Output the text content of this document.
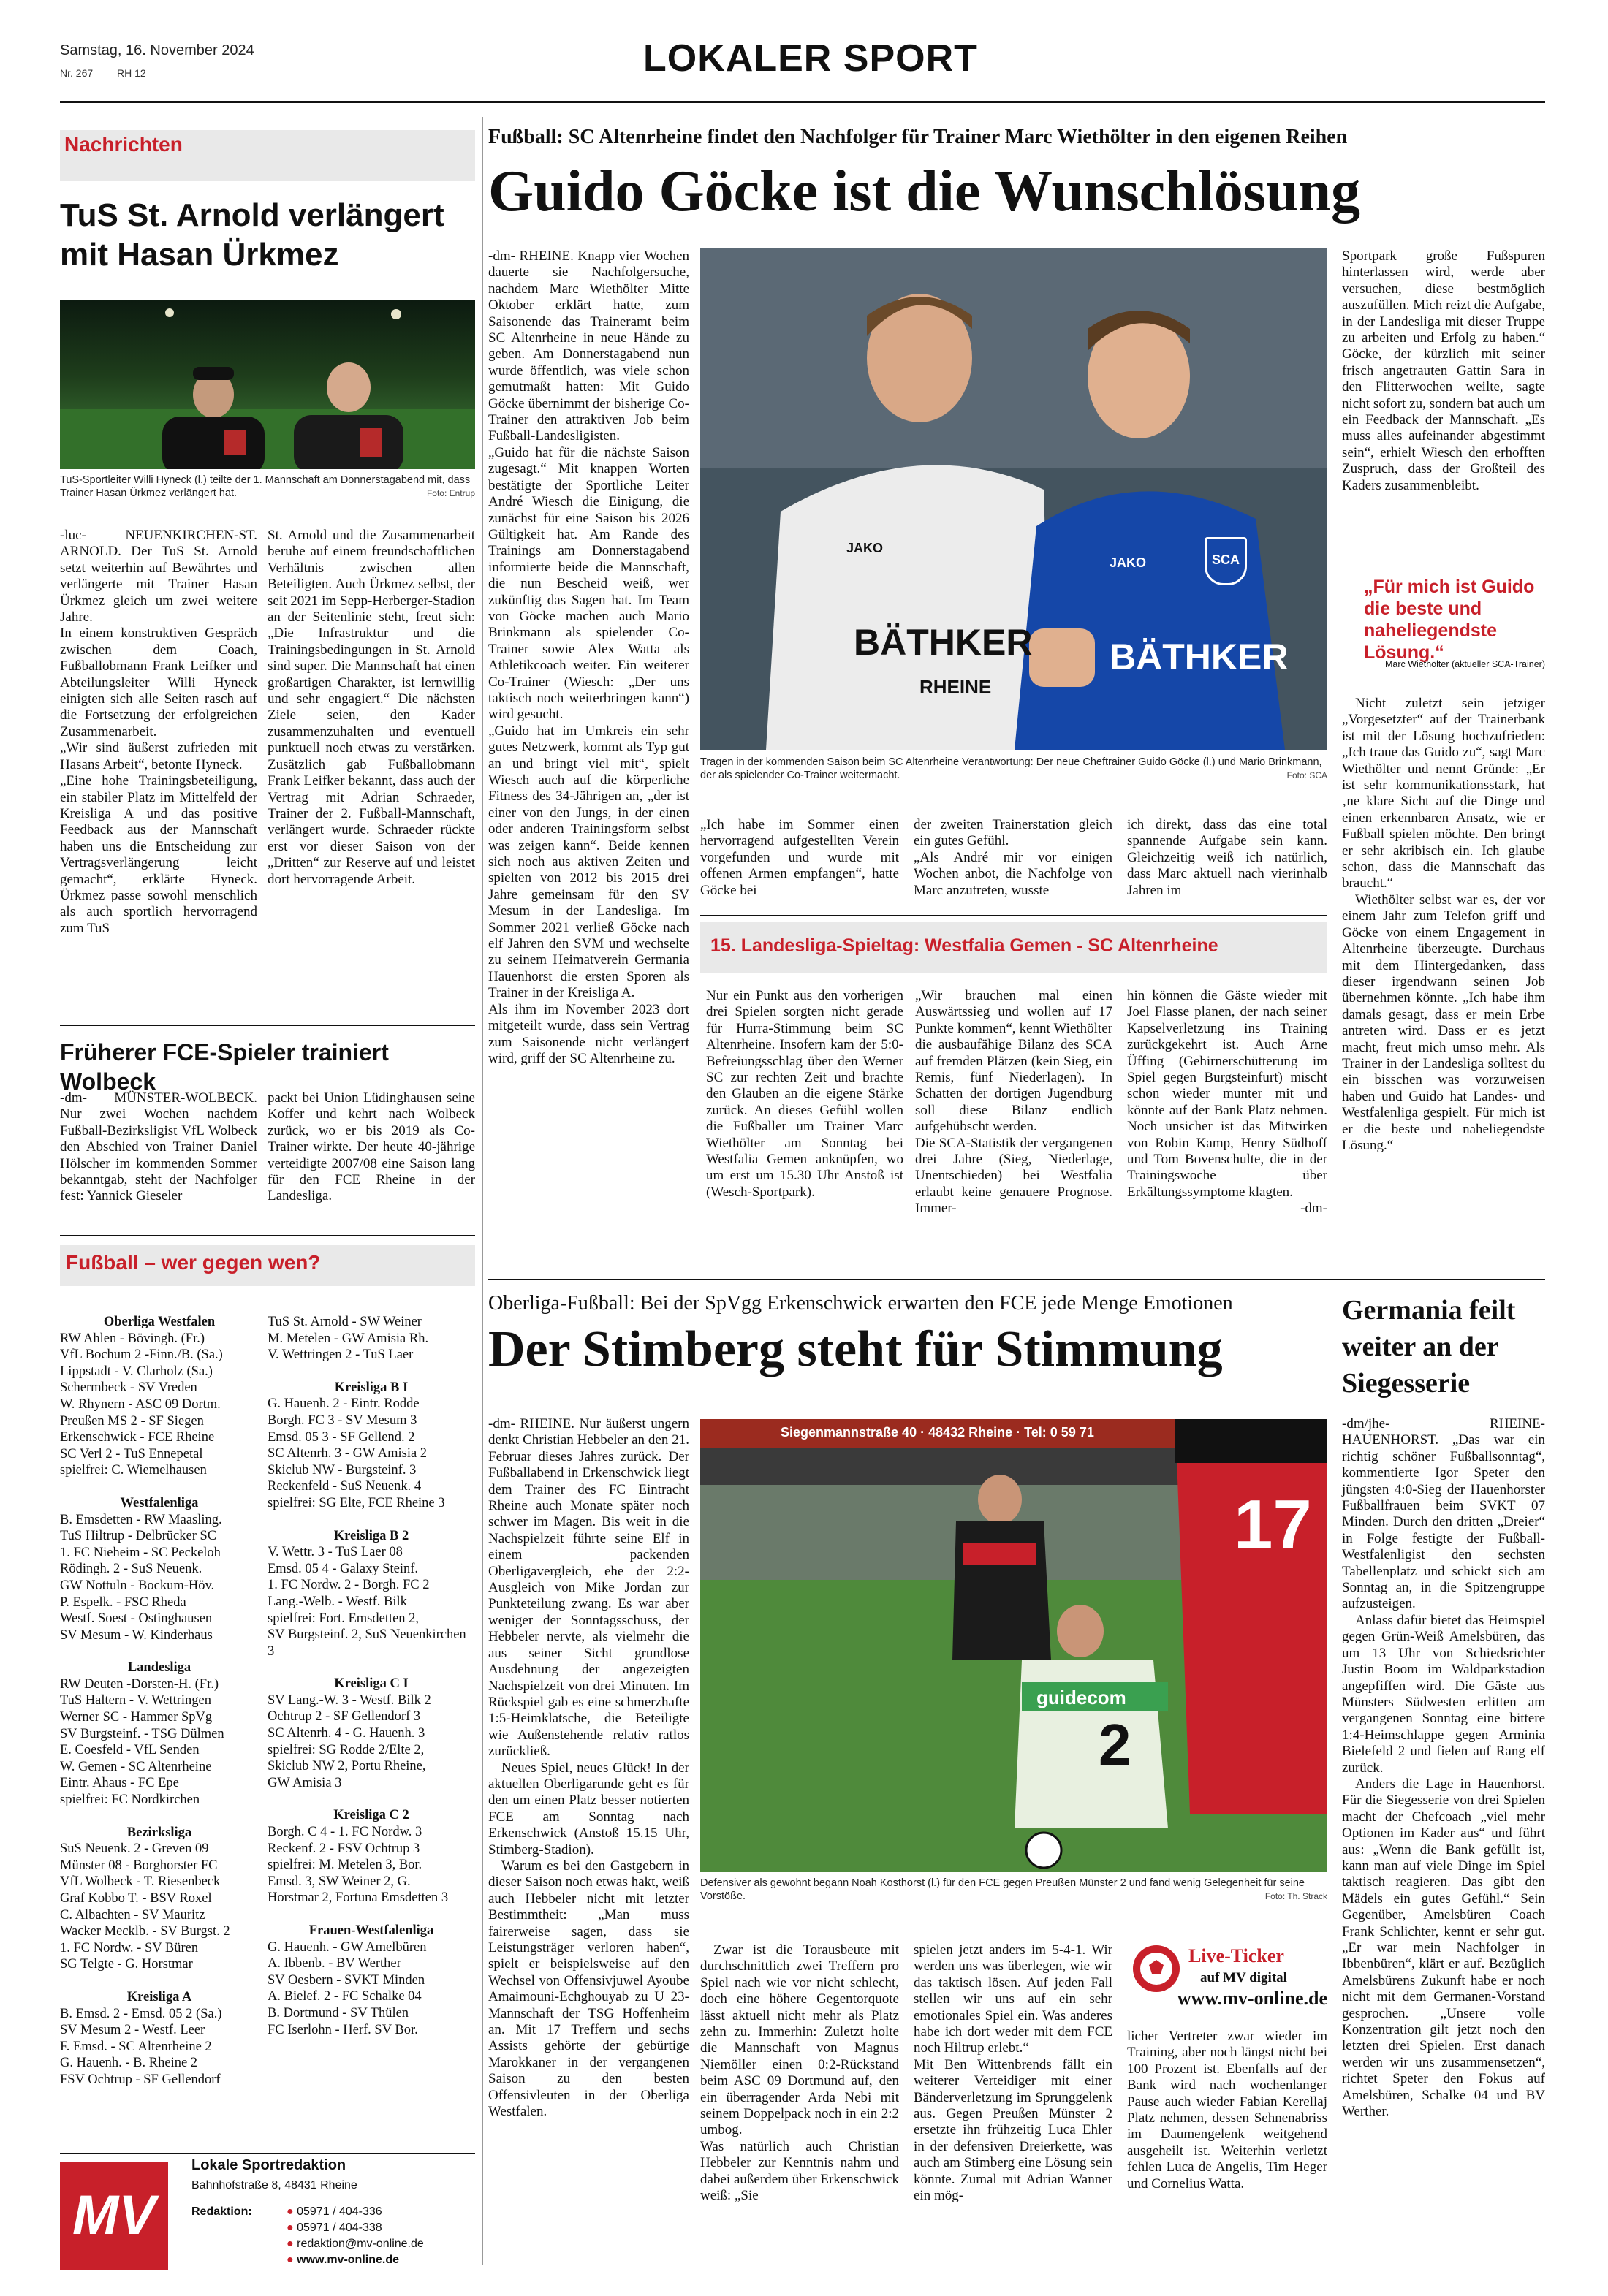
Samstag, 16. November 2024
Nr. 267 RH 12	LOKALER SPORT
Nachrichten
TuS St. Arnold verlängert mit Hasan Ürkmez
TuS-Sportleiter Willi Hyneck (l.) teilte der 1. Mannschaft am Donnerstagabend mit, dass Trainer Hasan Ürkmez verlängert hat.	Foto: Entrup

-luc- NEUENKIRCHEN-ST. ARNOLD. Der TuS St. Arnold setzt weiterhin auf Bewährtes und verlängerte mit Trainer Hasan Ürkmez gleich um zwei weitere Jahre.

In einem konstruktiven Gespräch zwischen dem Coach, Fußballobmann Frank Leifker und Abteilungsleiter Willi Hyneck einigten sich alle Seiten rasch auf die Fortsetzung der erfolgreichen Zusammenarbeit.

„Wir sind äußerst zufrieden mit Hasans Arbeit“, betonte Hyneck.

„Eine hohe Trainingsbeteiligung, ein stabiler Platz im Mittelfeld der Kreisliga A und das positive Feedback aus der Mannschaft haben uns die Entscheidung zur Vertragsverlängerung leicht gemacht“, erklärte Hyneck. Ürkmez passe sowohl menschlich als auch sportlich hervorragend zum TuS

St. Arnold und die Zusammenarbeit beruhe auf einem freundschaftlichen Verhältnis zwischen allen Beteiligten. Auch Ürkmez selbst, der seit 2021 im Sepp-Herberger-Stadion an der Seitenlinie steht, freut sich: „Die Infrastruktur und die Trainingsbedingungen in St. Arnold sind super. Die Mannschaft hat einen großartigen Charakter, ist lernwillig und sehr engagiert.“ Die nächsten Ziele seien, den Kader zusammenzuhalten und eventuell punktuell noch etwas zu verstärken. Zusätzlich gab Fußballobmann Frank Leifker bekannt, dass auch der Vertrag mit Adrian Schraeder, Trainer der 2. Fußball-Mannschaft, verlängert wurde. Schraeder rückte erst vor dieser Saison von der „Dritten“ zur Reserve auf und leistet dort hervorragende Arbeit.

Früherer FCE-Spieler trainiert Wolbeck
-dm- MÜNSTER-WOLBECK. Nur zwei Wochen nachdem Fußball-Bezirksligist VfL Wolbeck den Abschied von Trainer Daniel Hölscher im kommenden Sommer bekanntgab, steht der Nachfolger fest: Yannick Gieseler
packt bei Union Lüdinghausen seine Koffer und kehrt nach Wolbeck zurück, wo er bis 2019 als Co-Trainer wirkte. Der heute 40-jährige verteidigte 2007/08 eine Saison lang für den FCE Rheine in der Landesliga.
Fußball – wer gegen wen?
Oberliga Westfalen
RW Ahlen - Bövingh. (Fr.)
VfL Bochum 2 -Finn./B. (Sa.)
Lippstadt - V. Clarholz (Sa.)
Schermbeck - SV Vreden
W. Rhynern - ASC 09 Dortm.
Preußen MS 2 - SF Siegen
Erkenschwick - FCE Rheine
SC Verl 2 - TuS Ennepetal
spielfrei: C. Wiemelhausen
Westfalenliga
B. Emsdetten - RW Maasling.
TuS Hiltrup - Delbrücker SC
1. FC Nieheim - SC Peckeloh
Rödingh. 2 - SuS Neuenk.
GW Nottuln - Bockum-Höv.
P. Espelk. - FSC Rheda
Westf. Soest - Ostinghausen
SV Mesum - W. Kinderhaus
Landesliga
RW Deuten -Dorsten-H. (Fr.)
TuS Haltern - V. Wettringen
Werner SC - Hammer SpVg
SV Burgsteinf. - TSG Dülmen
E. Coesfeld - VfL Senden
W. Gemen - SC Altenrheine
Eintr. Ahaus - FC Epe
spielfrei: FC Nordkirchen
Bezirksliga
SuS Neuenk. 2 - Greven 09
Münster 08 - Borghorster FC
VfL Wolbeck - T. Riesenbeck
Graf Kobbo T. - BSV Roxel
C. Albachten - SV Mauritz
Wacker Mecklb. - SV Burgst. 2
1. FC Nordw. - SV Büren
SG Telgte - G. Horstmar
Kreisliga A
B. Emsd. 2 - Emsd. 05 2 (Sa.)
SV Mesum 2 - Westf. Leer
F. Emsd. - SC Altenrheine 2
G. Hauenh. - B. Rheine 2
FSV Ochtrup - SF Gellendorf
TuS St. Arnold - SW Weiner
M. Metelen - GW Amisia Rh.
V. Wettringen 2 - TuS Laer
Kreisliga B I
G. Hauenh. 2 - Eintr. Rodde
Borgh. FC 3 - SV Mesum 3
Emsd. 05 3 - SF Gellend. 2
SC Altenrh. 3 - GW Amisia 2
Skiclub NW - Burgsteinf. 3
Reckenfeld - SuS Neuenk. 4
spielfrei: SG Elte, FCE Rheine 3
Kreisliga B 2
V. Wettr. 3 - TuS Laer 08
Emsd. 05 4 - Galaxy Steinf.
1. FC Nordw. 2 - Borgh. FC 2
Lang.-Welb. - Westf. Bilk
spielfrei: Fort. Emsdetten 2,
SV Burgsteinf. 2, SuS Neuenkirchen 3
Kreisliga C I
SV Lang.-W. 3 - Westf. Bilk 2
Ochtrup 2 - SF Gellendorf 3
SC Altenrh. 4 - G. Hauenh. 3
spielfrei: SG Rodde 2/Elte 2,
Skiclub NW 2, Portu Rheine,
GW Amisia 3
Kreisliga C 2
Borgh. C 4 - 1. FC Nordw. 3
Reckenf. 2 - FSV Ochtrup 3
spielfrei: M. Metelen 3, Bor.
Emsd. 3, SW Weiner 2, G.
Horstmar 2, Fortuna Emsdetten 3
Frauen-Westfalenliga
G. Hauenh. - GW Amelbüren
A. Ibbenb. - BV Werther
SV Oesbern - SVKT Minden
A. Bielef. 2 - FC Schalke 04
B. Dortmund - SV Thülen
FC Iserlohn - Herf. SV Bor.
MV
Lokale Sportredaktion
Bahnhofstraße 8, 48431 Rheine
Redaktion:	● 05971 / 404-336
● 05971 / 404-338
● redaktion@mv-online.de
● www.mv-online.de
Fußball: SC Altenrheine findet den Nachfolger für Trainer Marc Wiethölter in den eigenen Reihen
Guido Göcke ist die Wunschlösung

-dm- RHEINE. Knapp vier Wochen dauerte sie Nachfolgersuche, nachdem Marc Wiethölter Mitte Oktober erklärt hatte, zum Saisonende das Traineramt beim SC Altenrheine in neue Hände zu geben. Am Donnerstagabend nun wurde öffentlich, was viele schon gemutmaßt hatten: Mit Guido Göcke übernimmt der bisherige Co-Trainer den attraktiven Job beim Fußball-Landesligisten.

„Guido hat für die nächste Saison zugesagt.“ Mit knappen Worten bestätigte der Sportliche Leiter André Wiesch die Einigung, die zunächst für eine Saison bis 2026 Gültigkeit hat. Am Rande des Trainings am Donnerstagabend informierte beide die Mannschaft, die nun Bescheid weiß, wer zukünftig das Sagen hat. Im Team von Göcke machen auch Mario Brinkmann als spielender Co-Trainer sowie Alex Watta als Athletikcoach weiter. Ein weiterer Co-Trainer (Wiesch: „Der uns taktisch noch weiterbringen kann“) wird gesucht.

„Guido hat im Umkreis ein sehr gutes Netzwerk, kommt als Typ gut an und bringt viel mit“, spielt Wiesch auch auf die körperliche Fitness des 34-Jährigen an, „der ist einer von den Jungs, in der einen oder anderen Trainingsform selbst was zeigen kann“. Beide kennen sich noch aus aktiven Zeiten und spielten von 2012 bis 2015 drei Jahre gemeinsam für den SV Mesum in der Landesliga. Im Sommer 2021 verließ Göcke nach elf Jahren den SVM und wechselte zu seinem Heimatverein Germania Hauenhorst die ersten Sporen als Trainer in der Kreisliga A.

Als ihm im November 2023 dort mitgeteilt wurde, dass sein Vertrag zum Saisonende nicht verlängert wird, griff der SC Altenrheine zu.

BÄTHKER
RHEINE
JAKO
BÄTHKER
JAKO	SCA
Tragen in der kommenden Saison beim SC Altenrheine Verantwortung: Der neue Cheftrainer Guido Göcke (l.) und Mario Brinkmann, der als spielender Co-Trainer weitermacht.	Foto: SCA
„Ich habe im Sommer einen hervorragend aufgestellten Verein vorgefunden und wurde mit offenen Armen empfangen“, hatte Göcke bei
der zweiten Trainerstation gleich ein gutes Gefühl.
„Als André mir vor einigen Wochen anbot, die Nachfolge von Marc anzutreten, wusste
ich direkt, dass das eine total spannende Aufgabe sein kann. Gleichzeitig weiß ich natürlich, dass Marc aktuell nach vierinhalb Jahren im
15. Landesliga-Spieltag: Westfalia Gemen - SC Altenrheine
Nur ein Punkt aus den vorherigen drei Spielen sorgten nicht gerade für Hurra-Stimmung beim SC Altenrheine. Insofern kam der 5:0-Befreiungsschlag über den Werner SC zur rechten Zeit und brachte den Glauben an die eigene Stärke zurück. An dieses Gefühl wollen die Fußballer um Trainer Marc Wiethölter am Sonntag bei Westfalia Gemen anknüpfen, wo um erst um 15.30 Uhr Anstoß ist (Wesch-Sportpark).
„Wir brauchen mal einen Auswärtssieg und wollen auf 17 Punkte kommen“, kennt Wiethölter die ausbaufähige Bilanz des SCA auf fremden Plätzen (kein Sieg, ein Remis, fünf Niederlagen). In Schatten der dortigen Jugendburg soll diese Bilanz endlich aufgehübscht werden.
Die SCA-Statistik der vergangenen drei Jahre (Sieg, Niederlage, Unentschieden) bei Westfalia erlaubt keine genauere Prognose. Immer-

hin können die Gäste wieder mit Joel Flasse planen, der nach seiner Kapselverletzung ins Training zurückgekehrt ist. Auch Arne Üffing (Gehirnerschütterung im Spiel gegen Burgsteinfurt) mischt schon wieder munter mit und könnte auf der Bank Platz nehmen. Noch unsicher ist das Mitwirken von Robin Kamp, Henry Südhoff und Tom Bovenschulte, die in der Trainingswoche über Erkältungssymptome klagten.

-dm-

Sportpark große Fußspuren hinterlassen wird, werde aber versuchen, diese bestmöglich auszufüllen. Mich reizt die Aufgabe, in der Landesliga mit dieser Truppe zu arbeiten und Erfolg zu haben.“ Göcke, der kürzlich mit seiner frisch angetrauten Gattin Sara in den Flitterwochen weilte, sagte nicht sofort zu, sondern bat auch um ein Feedback der Mannschaft. „Es muss alles aufeinander abgestimmt sein“, erhielt Wiesch den erhofften Zuspruch, dass der Großteil des Kaders zusammenbleibt.

„Für mich ist Guido die beste und naheliegendste Lösung.“
Marc Wiethölter (aktueller SCA-Trainer)

Nicht zuletzt sein jetziger „Vorgesetzter“ auf der Trainerbank ist mit der Lösung hochzufrieden: „Ich traue das Guido zu“, sagt Marc Wiethölter und nennt Gründe: „Er ist sehr kommunikationsstark, hat ‚ne klare Sicht auf die Dinge und einen erkennbaren Ansatz, wie er Fußball spielen möchte. Den bringt er sehr akribisch ein. Ich glaube schon, dass die Mannschaft das braucht.“

Wiethölter selbst war es, der vor einem Jahr zum Telefon griff und Göcke von einem Engagement in Altenrheine überzeugte. Durchaus mit dem Hintergedanken, dass dieser irgendwann seinen Job übernehmen könnte. „Ich habe ihm damals gesagt, dass er mein Erbe antreten wird. Dass er es jetzt macht, freut mich umso mehr. Als Trainer in der Landesliga solltest du ein bisschen was vorzuweisen haben und Guido hat Landes- und Westfalenliga gespielt. Für mich ist er die beste und naheliegendste Lösung.“

Oberliga-Fußball: Bei der SpVgg Erkenschwick erwarten den FCE jede Menge Emotionen
Der Stimberg steht für Stimmung

-dm- RHEINE. Nur äußerst ungern denkt Christian Hebbeler an den 21. Februar dieses Jahres zurück. Der Fußballabend in Erkenschwick liegt dem Trainer des FC Eintracht Rheine auch Monate später noch schwer im Magen. Bis weit in die Nachspielzeit führte seine Elf in einem packenden Oberligavergleich, ehe der 2:2-Ausgleich von Mike Jordan zur Punkteteilung zwang. Es war aber weniger der Sonntagsschuss, der Hebbeler nervte, als vielmehr die aus seiner Sicht grundlose Ausdehnung der angezeigten Nachspielzeit von drei Minuten. Im Rückspiel gab es eine schmerzhafte 1:5-Heimklatsche, die Beteiligte wie Außenstehende relativ ratlos zurückließ.

Neues Spiel, neues Glück! In der aktuellen Oberligarunde geht es für den um einen Platz besser notierten FCE am Sonntag nach Erkenschwick (Anstoß 15.15 Uhr, Stimberg-Stadion).

Warum es bei den Gastgebern in dieser Saison noch etwas hakt, weiß auch Hebbeler nicht mit letzter Bestimmtheit: „Man muss fairerweise sagen, dass sie Leistungsträger verloren haben“, spielt er beispielsweise auf den Wechsel von Offensivjuwel Ayoube Amaimouni-Echghouyab zu U 23-Mannschaft der TSG Hoffenheim an. Mit 17 Treffern und sechs Assists gehörte der gebürtige Marokkaner in der vergangenen Saison zu den besten Offensivleuten in der Oberliga Westfalen.

Siegenmannstraße 40 · 48432 Rheine · Tel: 0 59 71
17
2
guidecom
Defensiver als gewohnt begann Noah Kosthorst (l.) für den FCE gegen Preußen Münster 2 und fand wenig Gelegenheit für seine Vorstöße.	Foto: Th. Strack
Zwar ist die Torausbeute mit durchschnittlich zwei Treffern pro Spiel nach wie vor nicht schlecht, doch eine höhere Gegentorquote lässt aktuell nicht mehr als Platz zehn zu. Immerhin: Zuletzt holte die Mannschaft von Magnus Niemöller einen 0:2-Rückstand beim ASC 09 Dortmund auf, den ein überragender Arda Nebi mit seinem Doppelpack noch in ein 2:2 umbog.
Was natürlich auch Christian Hebbeler zur Kenntnis nahm und dabei außerdem über Erkenschwick weiß: „Sie
spielen jetzt anders im 5-4-1. Wir werden uns was überlegen, wie wir das taktisch lösen. Auf jeden Fall stellen wir uns auf ein sehr emotionales Spiel ein. Was anderes habe ich dort weder mit dem FCE noch Hiltrup erlebt.“
Mit Ben Wittenbrends fällt ein weiterer Verteidiger mit einer Bänderverletzung im Sprunggelenk aus. Gegen Preußen Münster 2 ersetzte ihn frühzeitig Luca Ehler in der defensiven Dreierkette, was auch am Stimberg eine Lösung sein könnte. Zumal mit Adrian Wanner ein mög-
Live-Ticker
auf MV digital
www.mv-online.de
licher Vertreter zwar wieder im Training, aber noch längst nicht bei 100 Prozent ist. Ebenfalls auf der Bank wird nach wochenlanger Pause auch wieder Fabian Kerellaj Platz nehmen, dessen Sehnenabriss im Daumengelenk weitgehend ausgeheilt ist. Weiterhin verletzt fehlen Luca de Angelis, Tim Heger und Cornelius Watta.
Germania feilt weiter an der Siegesserie

-dm/jhe- RHEINE-HAUENHORST. „Das war ein richtig schöner Fußballsonntag“, kommentierte Igor Speter den jüngsten 4:0-Sieg der Hauenhorster Fußballfrauen beim SVKT 07 Minden. Durch den dritten „Dreier“ in Folge festigte der Fußball-Westfalenligist den sechsten Tabellenplatz und schickt sich am Sonntag an, in die Spitzengruppe aufzusteigen.

Anlass dafür bietet das Heimspiel gegen Grün-Weiß Amelsbüren, das um 13 Uhr von Schiedsrichter Justin Boom im Waldparkstadion angepfiffen wird. Die Gäste aus Münsters Südwesten erlitten am vergangenen Sonntag eine bittere 1:4-Heimschlappe gegen Arminia Bielefeld 2 und fielen auf Rang elf zurück.

Anders die Lage in Hauenhorst. Für die Siegesserie von drei Spielen macht der Chefcoach „viel mehr Optionen im Kader aus“ und führt aus: „Wenn die Bank gefüllt ist, kann man auf viele Dinge im Spiel taktisch reagieren. Das gibt den Mädels ein gutes Gefühl.“ Sein Gegenüber, Amelsbüren Coach Frank Schlichter, kennt er sehr gut. „Er war mein Nachfolger in Ibbenbüren“, klärt er auf. Bezüglich Amelsbürens Zukunft habe er noch nicht mit dem Germanen-Vorstand gesprochen. „Unsere volle Konzentration gilt jetzt noch den letzten drei Spielen. Erst danach werden wir uns zusammensetzen“, richtet Speter den Fokus auf Amelsbüren, Schalke 04 und BV Werther.
